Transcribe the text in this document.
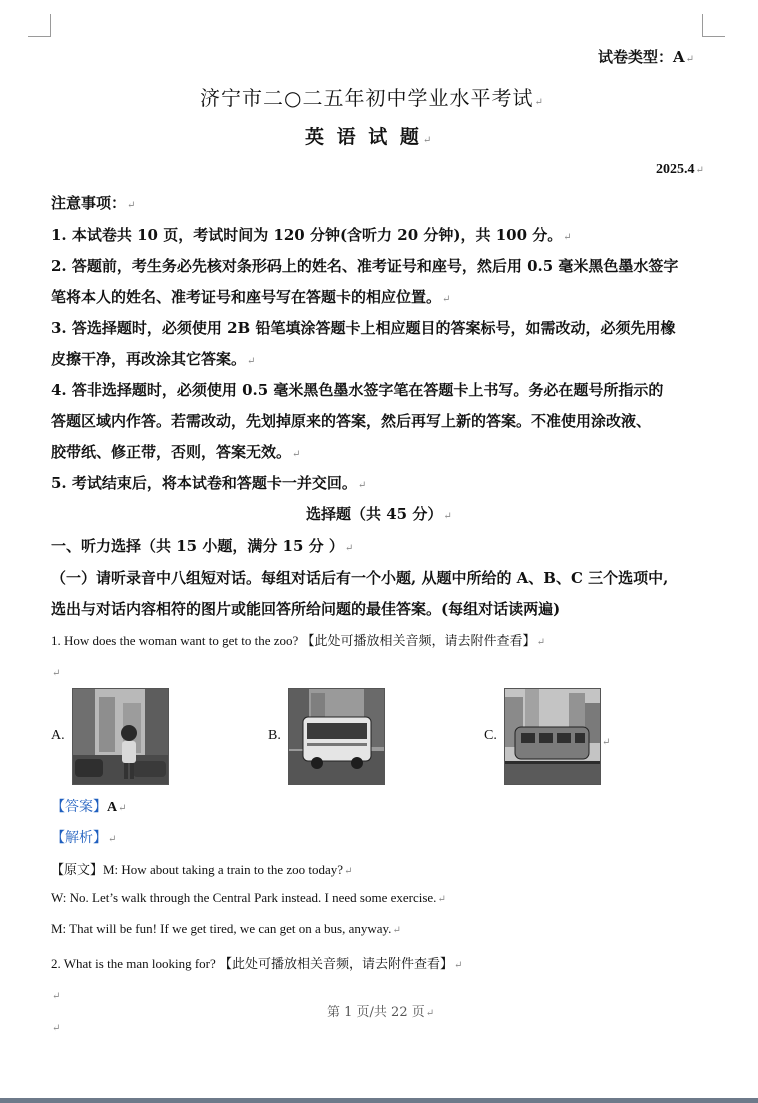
试卷类型：A↵
济宁市二○二五年初中学业水平考试↵
英 语 试 题↵
2025.4↵
注意事项：↵
1. 本试卷共 10 页，考试时间为 120 分钟(含听力 20 分钟)，共 100 分。↵
2. 答题前，考生务必先核对条形码上的姓名、准考证号和座号，然后用 0.5 毫米黑色墨水签字
笔将本人的姓名、准考证号和座号写在答题卡的相应位置。↵
3. 答选择题时，必须使用 2B 铅笔填涂答题卡上相应题目的答案标号，如需改动，必须先用橡
皮擦干净，再改涂其它答案。↵
4. 答非选择题时，必须使用 0.5 毫米黑色墨水签字笔在答题卡上书写。务必在题号所指示的
答题区域内作答。若需改动，先划掉原来的答案，然后再写上新的答案。不准使用涂改液、
胶带纸、修正带，否则，答案无效。↵
5. 考试结束后，将本试卷和答题卡一并交回。↵
选择题（共 45 分）↵
一、听力选择（共 15 小题，满分 15 分 ）↵
（一）请听录音中八组短对话。每组对话后有一个小题, 从题中所给的 A、B、C 三个选项中,
选出与对话内容相符的图片或能回答所给问题的最佳答案。(每组对话读两遍)
1. How does the woman want to get to the zoo? 【此处可播放相关音频，请去附件查看】↵
↵
A.	B.	C.	↵
【答案】A↵
【解析】↵
【原文】M: How about taking a train to the zoo today?↵
W: No. Let’s walk through the Central Park instead. I need some exercise.↵
M: That will be fun! If we get tired, we can get on a bus, anyway.↵
2. What is the man looking for? 【此处可播放相关音频，请去附件查看】↵
↵
第 1 页/共 22 页↵
↵
